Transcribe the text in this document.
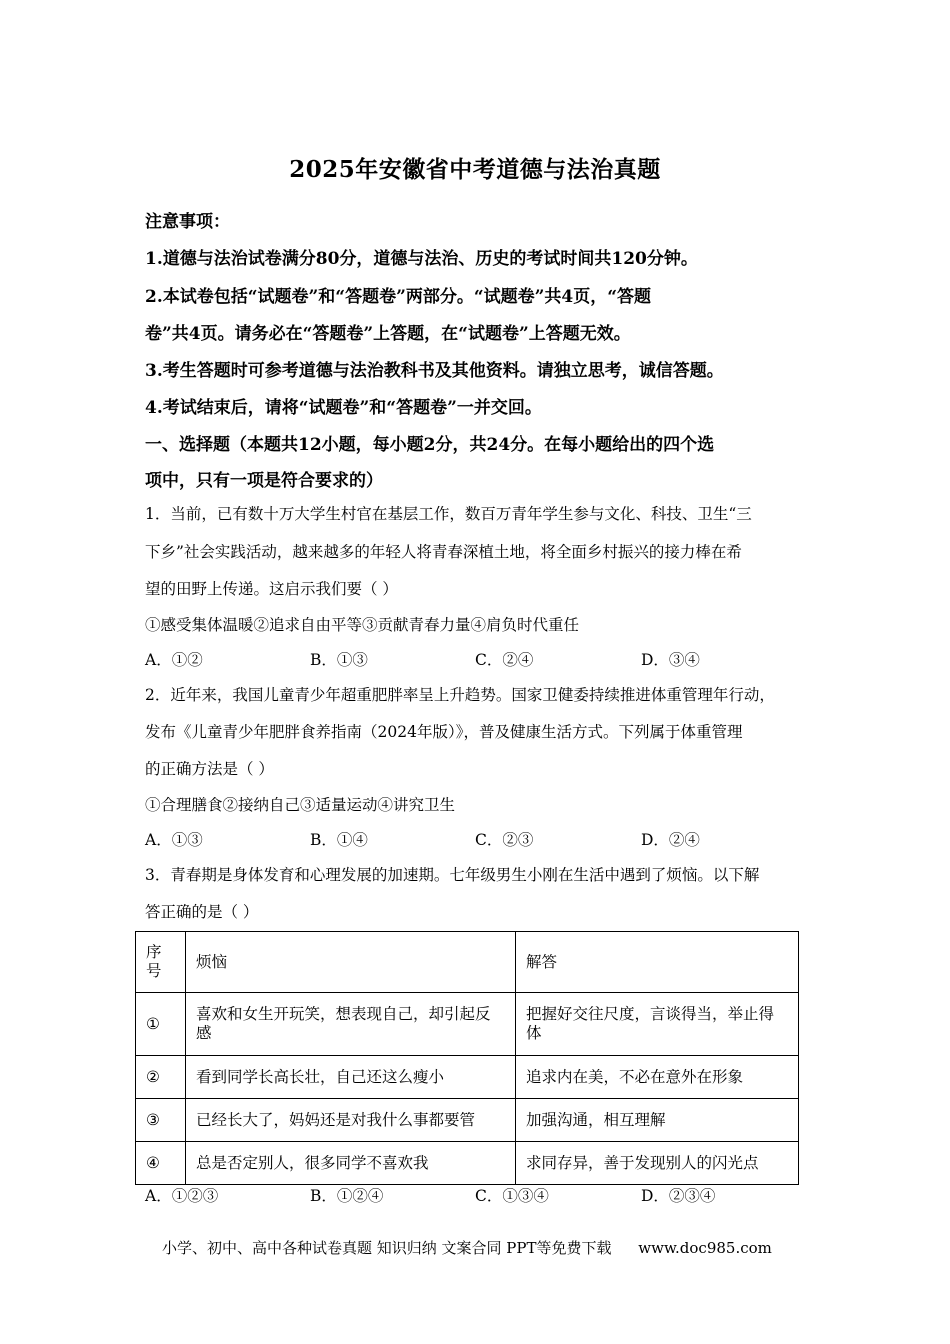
2025年安徽省中考道德与法治真题
注意事项：
1.道德与法治试卷满分80分，道德与法治、历史的考试时间共120分钟。
2.本试卷包括“试题卷”和“答题卷”两部分。“试题卷”共4页，“答题
卷”共4页。请务必在“答题卷”上答题，在“试题卷”上答题无效。
3.考生答题时可参考道德与法治教科书及其他资料。请独立思考，诚信答题。
4.考试结束后，请将“试题卷”和“答题卷”一并交回。
一、选择题（本题共12小题，每小题2分，共24分。在每小题给出的四个选
项中，只有一项是符合要求的）
1．当前，已有数十万大学生村官在基层工作，数百万青年学生参与文化、科技、卫生“三
下乡”社会实践活动，越来越多的年轻人将青春深植土地，将全面乡村振兴的接力棒在希
望的田野上传递。这启示我们要（ ）
①感受集体温暖②追求自由平等③贡献青春力量④肩负时代重任
A．①②	B．①③	C．②④	D．③④
2．近年来，我国儿童青少年超重肥胖率呈上升趋势。国家卫健委持续推进体重管理年行动，
发布《儿童青少年肥胖食养指南（2024年版）》，普及健康生活方式。下列属于体重管理
的正确方法是（ ）
①合理膳食②接纳自己③适量运动④讲究卫生
A．①③	B．①④	C．②③	D．②④
3．青春期是身体发育和心理发展的加速期。七年级男生小刚在生活中遇到了烦恼。以下解
答正确的是（ ）
序号	烦恼	解答
①	喜欢和女生开玩笑，想表现自己，却引起反感	把握好交往尺度，言谈得当，举止得体
②	看到同学长高长壮，自己还这么瘦小	追求内在美，不必在意外在形象
③	已经长大了，妈妈还是对我什么事都要管	加强沟通，相互理解
④	总是否定别人，很多同学不喜欢我	求同存异，善于发现别人的闪光点
A．①②③	B．①②④	C．①③④	D．②③④
小学、初中、高中各种试卷真题 知识归纳 文案合同 PPT等免费下载 www.doc985.com
